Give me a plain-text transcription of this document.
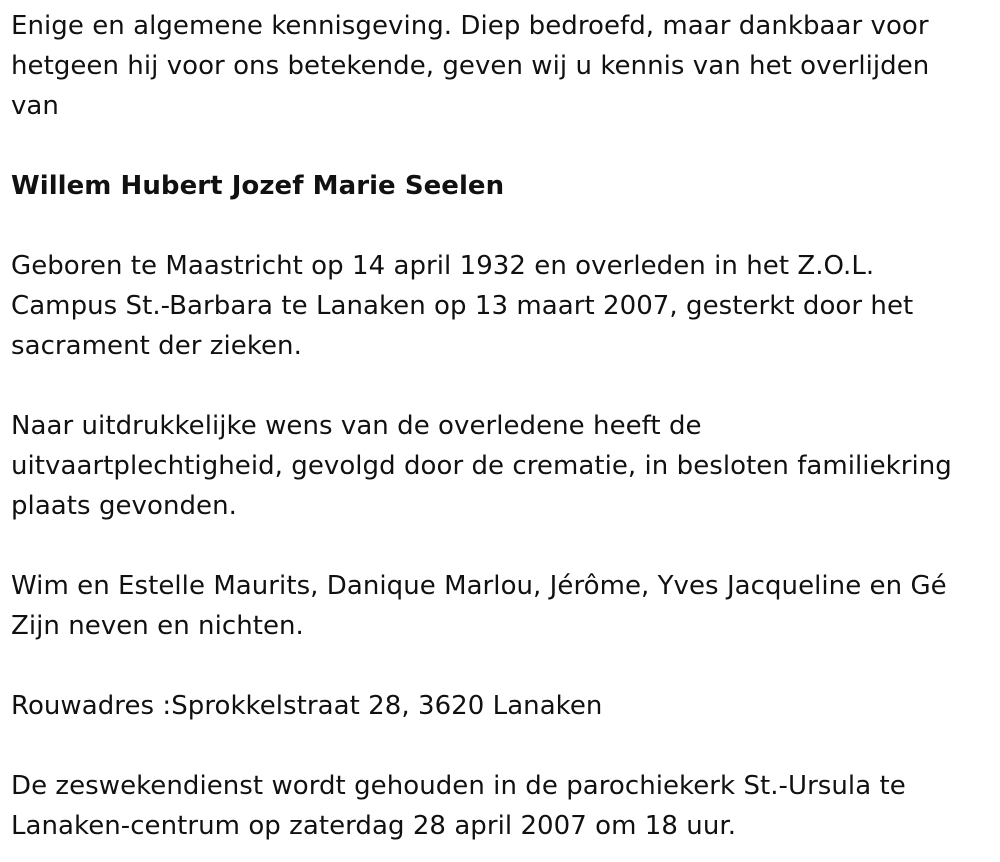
Enige en algemene kennisgeving. Diep bedroefd, maar dankbaar voor
hetgeen hij voor ons betekende, geven wij u kennis van het overlijden
van

Willem Hubert Jozef Marie Seelen

Geboren te Maastricht op 14 april 1932 en overleden in het Z.O.L.
Campus St.-Barbara te Lanaken op 13 maart 2007, gesterkt door het
sacrament der zieken.

Naar uitdrukkelijke wens van de overledene heeft de
uitvaartplechtigheid, gevolgd door de crematie, in besloten familiekring
plaats gevonden.

Wim en Estelle Maurits, Danique Marlou, Jérôme, Yves Jacqueline en Gé
Zijn neven en nichten.

Rouwadres :Sprokkelstraat 28, 3620 Lanaken

De zeswekendienst wordt gehouden in de parochiekerk St.-Ursula te
Lanaken-centrum op zaterdag 28 april 2007 om 18 uur.
